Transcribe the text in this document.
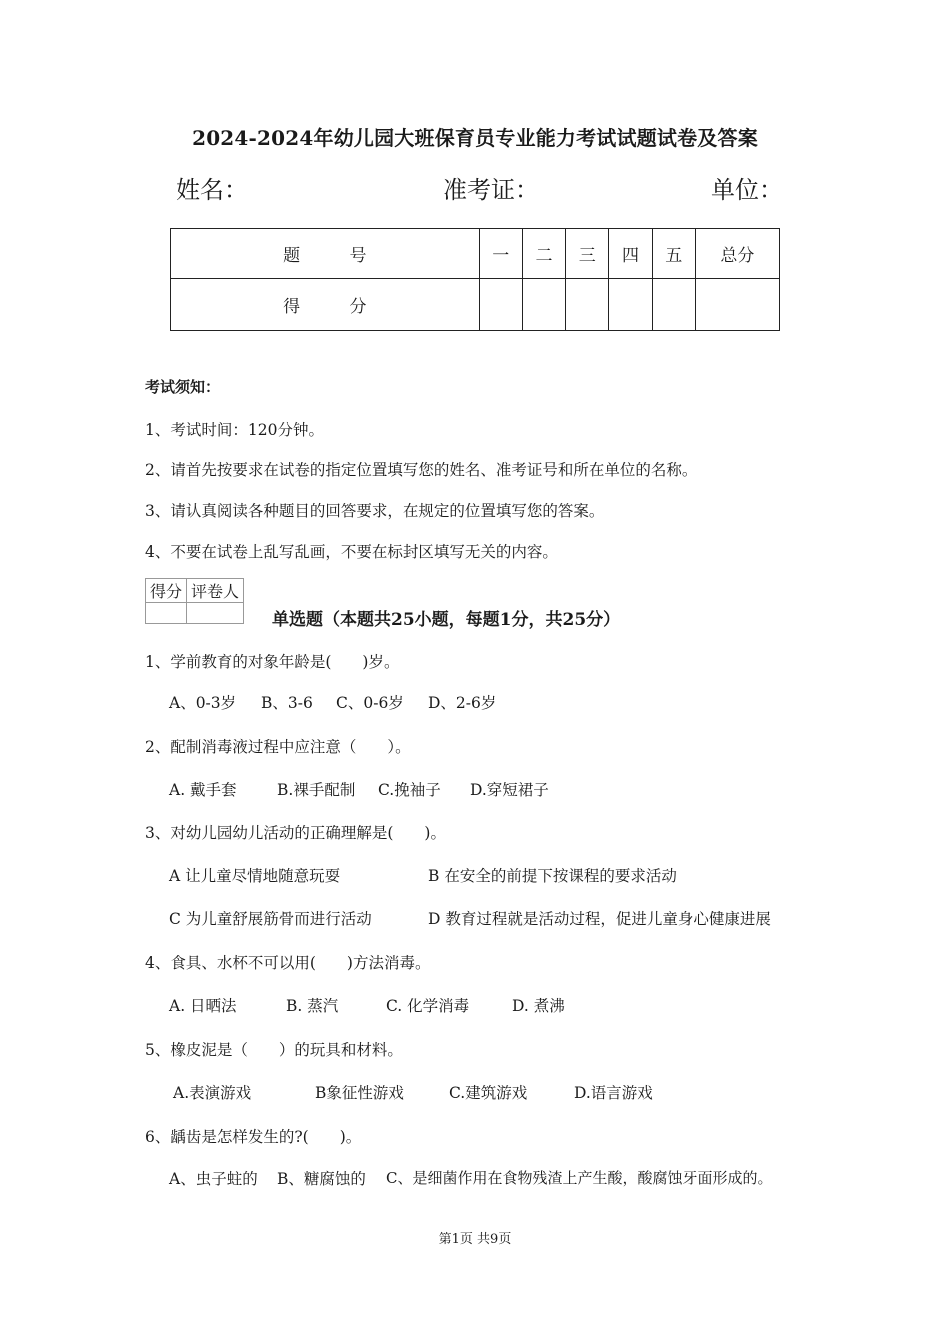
2024-2024年幼儿园大班保育员专业能力考试试题试卷及答案
姓名：	准考证：	单位：
题 号	一	二	三	四	五	总分
得 分						
考试须知：
1、考试时间：120分钟。
2、请首先按要求在试卷的指定位置填写您的姓名、准考证号和所在单位的名称。
3、请认真阅读各种题目的回答要求，在规定的位置填写您的答案。
4、不要在试卷上乱写乱画，不要在标封区填写无关的内容。
得分	评卷人

单选题（本题共25小题，每题1分，共25分）
1、学前教育的对象年龄是(　　)岁。
A、0-3岁 B、3-6 C、0-6岁 D、2-6岁
2、配制消毒液过程中应注意（　　）。
A. 戴手套	B.裸手配制 C.挽袖子 D.穿短裙子
3、对幼儿园幼儿活动的正确理解是(　　)。
A 让儿童尽情地随意玩耍	B 在安全的前提下按课程的要求活动
C 为儿童舒展筋骨而进行活动	D 教育过程就是活动过程，促进儿童身心健康进展
4、食具、水杯不可以用(　　)方法消毒。
A. 日晒法	B. 蒸汽	C. 化学消毒	D. 煮沸
5、橡皮泥是（　　）的玩具和材料。
A.表演游戏	B象征性游戏	C.建筑游戏	D.语言游戏
6、龋齿是怎样发生的?(　　)。
A、虫子蛀的 B、糖腐蚀的 C、是细菌作用在食物残渣上产生酸，酸腐蚀牙面形成的。
第1页 共9页
